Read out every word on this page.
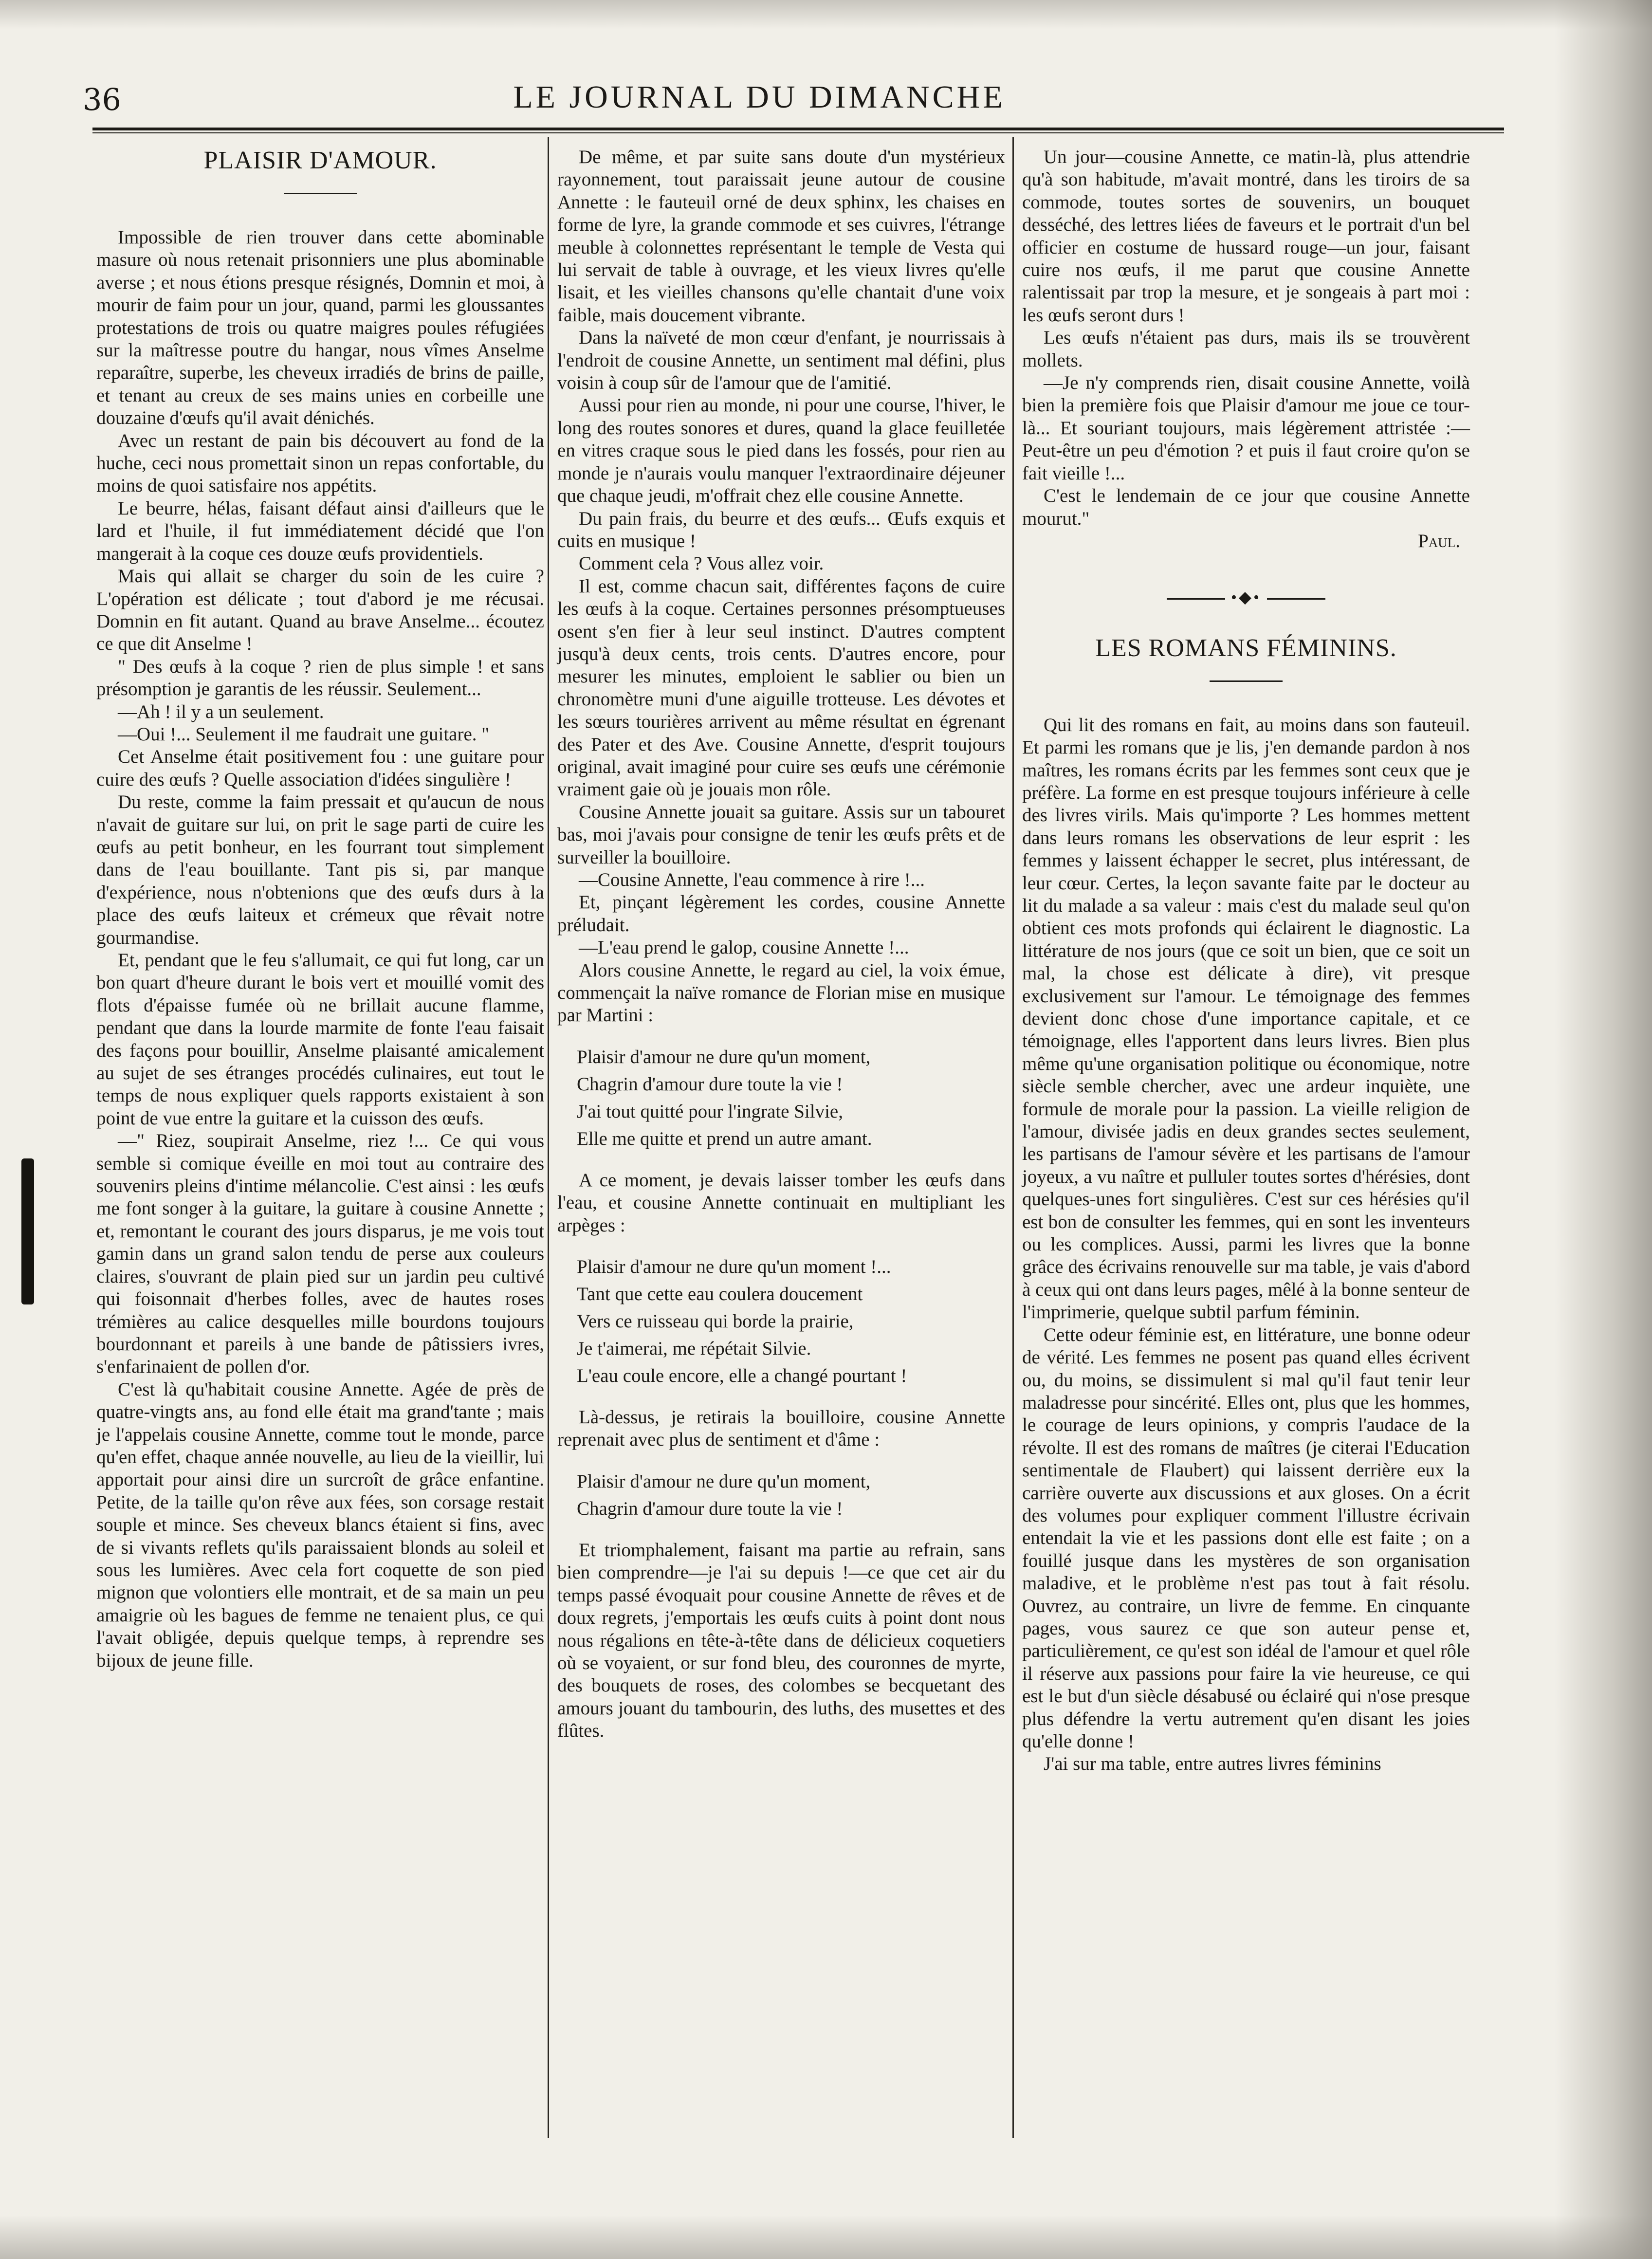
36	LE JOURNAL DU DIMANCHE

PLAISIR D'AMOUR.

Impossible de rien trouver dans cette abominable masure où nous retenait prisonniers une plus abominable averse ; et nous étions presque résignés, Domnin et moi, à mourir de faim pour un jour, quand, parmi les gloussantes protestations de trois ou quatre maigres poules réfugiées sur la maîtresse poutre du hangar, nous vîmes Anselme reparaître, superbe, les cheveux irradiés de brins de paille, et tenant au creux de ses mains unies en corbeille une douzaine d'œufs qu'il avait dénichés.

Avec un restant de pain bis découvert au fond de la huche, ceci nous promettait sinon un repas confortable, du moins de quoi satisfaire nos appétits.

Le beurre, hélas, faisant défaut ainsi d'ailleurs que le lard et l'huile, il fut immédiatement décidé que l'on mangerait à la coque ces douze œufs providentiels.

Mais qui allait se charger du soin de les cuire ? L'opération est délicate ; tout d'abord je me récusai. Domnin en fit autant. Quand au brave Anselme... écoutez ce que dit Anselme !

" Des œufs à la coque ? rien de plus simple ! et sans présomption je garantis de les réussir. Seulement...

—Ah ! il y a un seulement.

—Oui !... Seulement il me faudrait une guitare. "

Cet Anselme était positivement fou : une guitare pour cuire des œufs ? Quelle association d'idées singulière !

Du reste, comme la faim pressait et qu'aucun de nous n'avait de guitare sur lui, on prit le sage parti de cuire les œufs au petit bonheur, en les fourrant tout simplement dans de l'eau bouillante. Tant pis si, par manque d'expérience, nous n'obtenions que des œufs durs à la place des œufs laiteux et crémeux que rêvait notre gourmandise.

Et, pendant que le feu s'allumait, ce qui fut long, car un bon quart d'heure durant le bois vert et mouillé vomit des flots d'épaisse fumée où ne brillait aucune flamme, pendant que dans la lourde marmite de fonte l'eau faisait des façons pour bouillir, Anselme plaisanté amicalement au sujet de ses étranges procédés culinaires, eut tout le temps de nous expliquer quels rapports existaient à son point de vue entre la guitare et la cuisson des œufs.

—" Riez, soupirait Anselme, riez !... Ce qui vous semble si comique éveille en moi tout au contraire des souvenirs pleins d'intime mélancolie. C'est ainsi : les œufs me font songer à la guitare, la guitare à cousine Annette ; et, remontant le courant des jours disparus, je me vois tout gamin dans un grand salon tendu de perse aux couleurs claires, s'ouvrant de plain pied sur un jardin peu cultivé qui foisonnait d'herbes folles, avec de hautes roses trémières au calice desquelles mille bourdons toujours bourdonnant et pareils à une bande de pâtissiers ivres, s'enfarinaient de pollen d'or.

C'est là qu'habitait cousine Annette. Agée de près de quatre-vingts ans, au fond elle était ma grand'tante ; mais je l'appelais cousine Annette, comme tout le monde, parce qu'en effet, chaque année nouvelle, au lieu de la vieillir, lui apportait pour ainsi dire un surcroît de grâce enfantine. Petite, de la taille qu'on rêve aux fées, son corsage restait souple et mince. Ses cheveux blancs étaient si fins, avec de si vivants reflets qu'ils paraissaient blonds au soleil et sous les lumières. Avec cela fort coquette de son pied mignon que volontiers elle montrait, et de sa main un peu amaigrie où les bagues de femme ne tenaient plus, ce qui l'avait obligée, depuis quelque temps, à reprendre ses bijoux de jeune fille.

De même, et par suite sans doute d'un mystérieux rayonnement, tout paraissait jeune autour de cousine Annette : le fauteuil orné de deux sphinx, les chaises en forme de lyre, la grande commode et ses cuivres, l'étrange meuble à colonnettes représentant le temple de Vesta qui lui servait de table à ouvrage, et les vieux livres qu'elle lisait, et les vieilles chansons qu'elle chantait d'une voix faible, mais doucement vibrante.

Dans la naïveté de mon cœur d'enfant, je nourrissais à l'endroit de cousine Annette, un sentiment mal défini, plus voisin à coup sûr de l'amour que de l'amitié.

Aussi pour rien au monde, ni pour une course, l'hiver, le long des routes sonores et dures, quand la glace feuilletée en vitres craque sous le pied dans les fossés, pour rien au monde je n'aurais voulu manquer l'extraordinaire déjeuner que chaque jeudi, m'offrait chez elle cousine Annette.

Du pain frais, du beurre et des œufs... Œufs exquis et cuits en musique !

Comment cela ? Vous allez voir.

Il est, comme chacun sait, différentes façons de cuire les œufs à la coque. Certaines personnes présomptueuses osent s'en fier à leur seul instinct. D'autres comptent jusqu'à deux cents, trois cents. D'autres encore, pour mesurer les minutes, emploient le sablier ou bien un chronomètre muni d'une aiguille trotteuse. Les dévotes et les sœurs tourières arrivent au même résultat en égrenant des Pater et des Ave. Cousine Annette, d'esprit toujours original, avait imaginé pour cuire ses œufs une cérémonie vraiment gaie où je jouais mon rôle.

Cousine Annette jouait sa guitare. Assis sur un tabouret bas, moi j'avais pour consigne de tenir les œufs prêts et de surveiller la bouilloire.

—Cousine Annette, l'eau commence à rire !...

Et, pinçant légèrement les cordes, cousine Annette préludait.

—L'eau prend le galop, cousine Annette !...

Alors cousine Annette, le regard au ciel, la voix émue, commençait la naïve romance de Florian mise en musique par Martini :

Plaisir d'amour ne dure qu'un moment,
Chagrin d'amour dure toute la vie !
J'ai tout quitté pour l'ingrate Silvie,
Elle me quitte et prend un autre amant.

A ce moment, je devais laisser tomber les œufs dans l'eau, et cousine Annette continuait en multipliant les arpèges :

Plaisir d'amour ne dure qu'un moment !...
Tant que cette eau coulera doucement
Vers ce ruisseau qui borde la prairie,
Je t'aimerai, me répétait Silvie.
L'eau coule encore, elle a changé pourtant !

Là-dessus, je retirais la bouilloire, cousine Annette reprenait avec plus de sentiment et d'âme :

Plaisir d'amour ne dure qu'un moment,
Chagrin d'amour dure toute la vie !

Et triomphalement, faisant ma partie au refrain, sans bien comprendre—je l'ai su depuis !—ce que cet air du temps passé évoquait pour cousine Annette de rêves et de doux regrets, j'emportais les œufs cuits à point dont nous nous régalions en tête-à-tête dans de délicieux coquetiers où se voyaient, or sur fond bleu, des couronnes de myrte, des bouquets de roses, des colombes se becquetant des amours jouant du tambourin, des luths, des musettes et des flûtes.

Un jour—cousine Annette, ce matin-là, plus attendrie qu'à son habitude, m'avait montré, dans les tiroirs de sa commode, toutes sortes de souvenirs, un bouquet desséché, des lettres liées de faveurs et le portrait d'un bel officier en costume de hussard rouge—un jour, faisant cuire nos œufs, il me parut que cousine Annette ralentissait par trop la mesure, et je songeais à part moi : les œufs seront durs !

Les œufs n'étaient pas durs, mais ils se trouvèrent mollets.

—Je n'y comprends rien, disait cousine Annette, voilà bien la première fois que Plaisir d'amour me joue ce tour-là... Et souriant toujours, mais légèrement attristée :—Peut-être un peu d'émotion ? et puis il faut croire qu'on se fait vieille !...

C'est le lendemain de ce jour que cousine Annette mourut."

Paul.

•◆•

LES ROMANS FÉMININS.

Qui lit des romans en fait, au moins dans son fauteuil. Et parmi les romans que je lis, j'en demande pardon à nos maîtres, les romans écrits par les femmes sont ceux que je préfère. La forme en est presque toujours inférieure à celle des livres virils. Mais qu'importe ? Les hommes mettent dans leurs romans les observations de leur esprit : les femmes y laissent échapper le secret, plus intéressant, de leur cœur. Certes, la leçon savante faite par le docteur au lit du malade a sa valeur : mais c'est du malade seul qu'on obtient ces mots profonds qui éclairent le diagnostic. La littérature de nos jours (que ce soit un bien, que ce soit un mal, la chose est délicate à dire), vit presque exclusivement sur l'amour. Le témoignage des femmes devient donc chose d'une importance capitale, et ce témoignage, elles l'apportent dans leurs livres. Bien plus même qu'une organisation politique ou économique, notre siècle semble chercher, avec une ardeur inquiète, une formule de morale pour la passion. La vieille religion de l'amour, divisée jadis en deux grandes sectes seulement, les partisans de l'amour sévère et les partisans de l'amour joyeux, a vu naître et pulluler toutes sortes d'hérésies, dont quelques-unes fort singulières. C'est sur ces hérésies qu'il est bon de consulter les femmes, qui en sont les inventeurs ou les complices. Aussi, parmi les livres que la bonne grâce des écrivains renouvelle sur ma table, je vais d'abord à ceux qui ont dans leurs pages, mêlé à la bonne senteur de l'imprimerie, quelque subtil parfum féminin.

Cette odeur féminie est, en littérature, une bonne odeur de vérité. Les femmes ne posent pas quand elles écrivent ou, du moins, se dissimulent si mal qu'il faut tenir leur maladresse pour sincérité. Elles ont, plus que les hommes, le courage de leurs opinions, y compris l'audace de la révolte. Il est des romans de maîtres (je citerai l'Education sentimentale de Flaubert) qui laissent derrière eux la carrière ouverte aux discussions et aux gloses. On a écrit des volumes pour expliquer comment l'illustre écrivain entendait la vie et les passions dont elle est faite ; on a fouillé jusque dans les mystères de son organisation maladive, et le problème n'est pas tout à fait résolu. Ouvrez, au contraire, un livre de femme. En cinquante pages, vous saurez ce que son auteur pense et, particulièrement, ce qu'est son idéal de l'amour et quel rôle il réserve aux passions pour faire la vie heureuse, ce qui est le but d'un siècle désabusé ou éclairé qui n'ose presque plus défendre la vertu autrement qu'en disant les joies qu'elle donne !

J'ai sur ma table, entre autres livres féminins
